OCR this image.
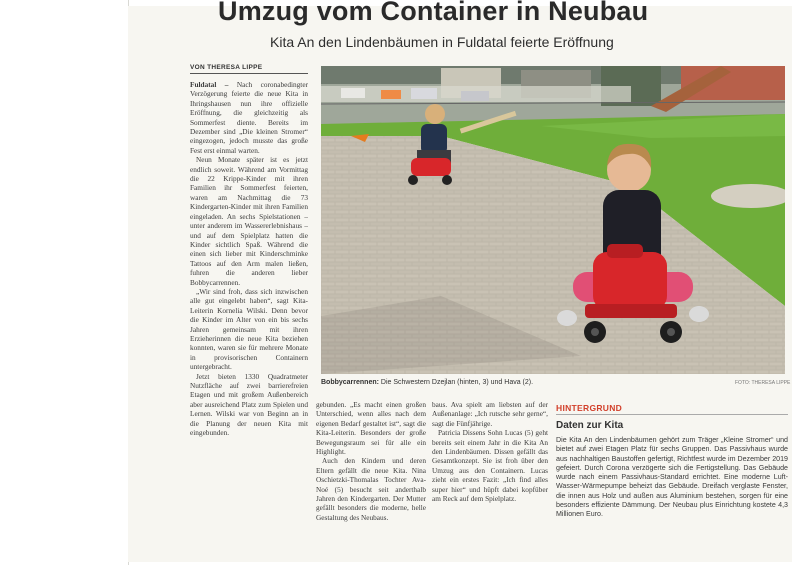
Umzug vom Container in Neubau
Kita An den Lindenbäumen in Fuldatal feierte Eröffnung
VON THERESA LIPPE

Fuldatal – Nach coronabedingter Verzögerung feierte die neue Kita in Ihringshausen nun ihre offizielle Eröffnung, die gleichzeitig als Sommerfest diente. Bereits im Dezember sind „Die kleinen Stromer“ eingezogen, jedoch musste das große Fest erst einmal warten.

Neun Monate später ist es jetzt endlich soweit. Während am Vormittag die 22 Krippe-Kinder mit ihren Familien ihr Sommerfest feierten, waren am Nachmittag die 73 Kindergarten-Kinder mit ihren Familien eingeladen. An sechs Spielstationen – unter anderem im Wassererlebnishaus – und auf dem Spielplatz hatten die Kinder sichtlich Spaß. Während die einen sich lieber mit Kinderschminke Tattoos auf den Arm malen ließen, fuhren die anderen lieber Bobbycarrennen.

„Wir sind froh, dass sich inzwischen alle gut eingelebt haben“, sagt Kita-Leiterin Kornelia Wilski. Denn bevor die Kinder im Alter von ein bis sechs Jahren gemeinsam mit ihren Erzieherinnen die neue Kita beziehen konnten, waren sie für mehrere Monate in provisorischen Containern untergebracht.

Jetzt bieten 1330 Quadratmeter Nutzfläche auf zwei barrierefreien Etagen und mit großem Außenbereich aber ausreichend Platz zum Spielen und Lernen. Wilski war von Beginn an in die Planung der neuen Kita mit eingebunden.

Bobbycarrennen: Die Schwestern Dzejlan (hinten, 3) und Hava (2).	FOTO: THERESA LIPPE

gebunden. „Es macht einen großen Unterschied, wenn alles nach dem eigenen Bedarf gestaltet ist“, sagt die Kita-Leiterin. Besonders der große Bewegungsraum sei für alle ein Highlight.

Auch den Kindern und deren Eltern gefällt die neue Kita. Nina Oschietzki-Thomalas Tochter Ava-Noé (5) besucht seit anderthalb Jahren den Kindergarten. Der Mutter gefällt besonders die moderne, helle Gestaltung des Neubaus.

baus. Ava spielt am liebsten auf der Außenanlage: „Ich rutsche sehr gerne“, sagt die Fünfjährige.

Patricia Dissens Sohn Lucas (5) geht bereits seit einem Jahr in die Kita An den Lindenbäumen. Dissen gefällt das Gesamtkonzept. Sie ist froh über den Umzug aus den Containern. Lucas zieht ein erstes Fazit: „Ich find alles super hier“ und hüpft dabei kopfüber am Reck auf dem Spielplatz.

HINTERGRUND
Daten zur Kita
Die Kita An den Lindenbäumen gehört zum Träger „Kleine Stromer“ und bietet auf zwei Etagen Platz für sechs Gruppen. Das Passivhaus wurde aus nachhaltigen Baustoffen gefertigt, Richtfest wurde im Dezember 2019 gefeiert. Durch Corona verzögerte sich die Fertigstellung. Das Gebäude wurde nach einem Passivhaus-Standard errichtet. Eine moderne Luft-Wasser-Wärmepumpe beheizt das Gebäude. Dreifach verglaste Fenster, die innen aus Holz und außen aus Aluminium bestehen, sorgen für eine besonders effiziente Dämmung. Der Neubau plus Einrichtung kostete 4,3 Millionen Euro.
